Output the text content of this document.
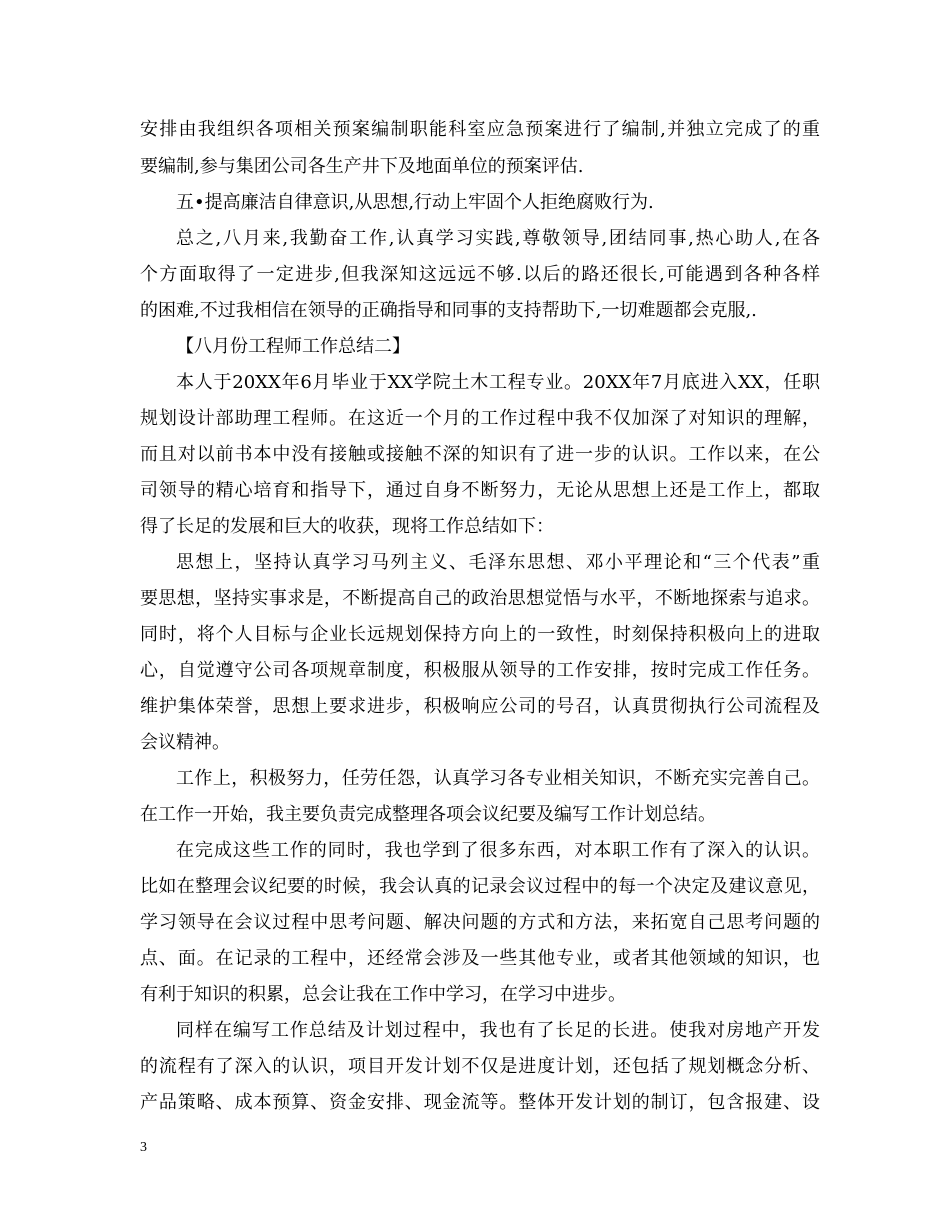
安排由我组织各项相关预案编制职能科室应急预案进行了编制,并独立完成了的重
要编制,参与集团公司各生产井下及地面单位的预案评估.
五•提高廉洁自律意识,从思想,行动上牢固个人拒绝腐败行为.
总之,八月来,我勤奋工作,认真学习实践,尊敬领导,团结同事,热心助人,在各
个方面取得了一定进步,但我深知这远远不够.以后的路还很长,可能遇到各种各样
的困难,不过我相信在领导的正确指导和同事的支持帮助下,一切难题都会克服,.
【八月份工程师工作总结二】
本人于20XX年6月毕业于XX学院土木工程专业。20XX年7月底进入XX，任职
规划设计部助理工程师。在这近一个月的工作过程中我不仅加深了对知识的理解，
而且对以前书本中没有接触或接触不深的知识有了进一步的认识。工作以来，在公
司领导的精心培育和指导下，通过自身不断努力，无论从思想上还是工作上，都取
得了长足的发展和巨大的收获，现将工作总结如下：
思想上，坚持认真学习马列主义、毛泽东思想、邓小平理论和“三个代表”重
要思想，坚持实事求是，不断提高自己的政治思想觉悟与水平，不断地探索与追求。
同时，将个人目标与企业长远规划保持方向上的一致性，时刻保持积极向上的进取
心，自觉遵守公司各项规章制度，积极服从领导的工作安排，按时完成工作任务。
维护集体荣誉，思想上要求进步，积极响应公司的号召，认真贯彻执行公司流程及
会议精神。
工作上，积极努力，任劳任怨，认真学习各专业相关知识，不断充实完善自己。
在工作一开始，我主要负责完成整理各项会议纪要及编写工作计划总结。
在完成这些工作的同时，我也学到了很多东西，对本职工作有了深入的认识。
比如在整理会议纪要的时候，我会认真的记录会议过程中的每一个决定及建议意见，
学习领导在会议过程中思考问题、解决问题的方式和方法，来拓宽自己思考问题的
点、面。在记录的工程中，还经常会涉及一些其他专业，或者其他领域的知识，也
有利于知识的积累，总会让我在工作中学习，在学习中进步。
同样在编写工作总结及计划过程中，我也有了长足的长进。使我对房地产开发
的流程有了深入的认识，项目开发计划不仅是进度计划，还包括了规划概念分析、
产品策略、成本预算、资金安排、现金流等。整体开发计划的制订，包含报建、设
3
